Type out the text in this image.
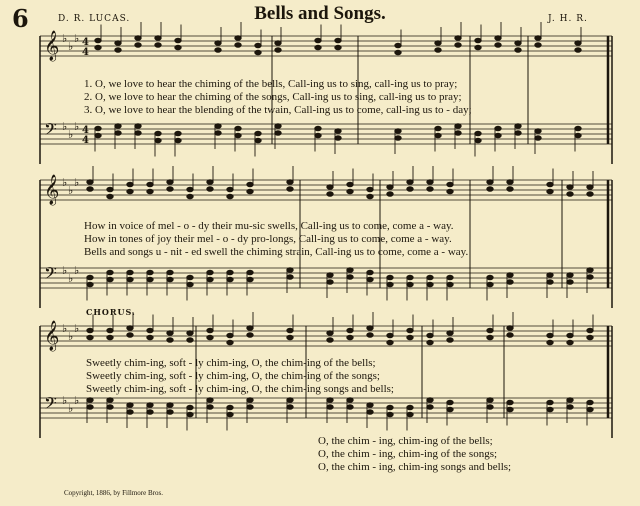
6	D. R. LUCAS.	Bells and Songs.	J. H. R.
𝄞 ♭
♭
♭ 4
4
𝄢 ♭
♭
♭ 4
4
𝄞 ♭
♭
♭
𝄢 ♭
♭
♭
𝄞 ♭
♭
♭
𝄢 ♭
♭
♭
1. O, we love to hear the chiming of the bells, Call-ing us to sing, call-ing us to pray;
2. O, we love to hear the chiming of the songs, Call-ing us to sing, call-ing us to pray;
3. O, we love to hear the blending of the twain, Call-ing us to come, call-ing us to - day;
How in voice of mel - o - dy their mu-sic swells, Call-ing us to come, come a - way.
How in tones of joy their mel - o - dy pro-longs, Call-ing us to come, come a - way.
Bells and songs u - nit - ed swell the chiming strain, Call-ing us to come, come a - way.
CHORUS.
Sweetly chim-ing, soft - ly chim-ing, O, the chim-ing of the bells;
Sweetly chim-ing, soft - ly chim-ing, O, the chim-ing of the songs;
Sweetly chim-ing, soft - ly chim-ing, O, the chim-ing songs and bells;
O, the chim - ing, chim-ing of the bells;
O, the chim - ing, chim-ing of the songs;
O, the chim - ing, chim-ing songs and bells;
Copyright, 1886, by Fillmore Bros.
